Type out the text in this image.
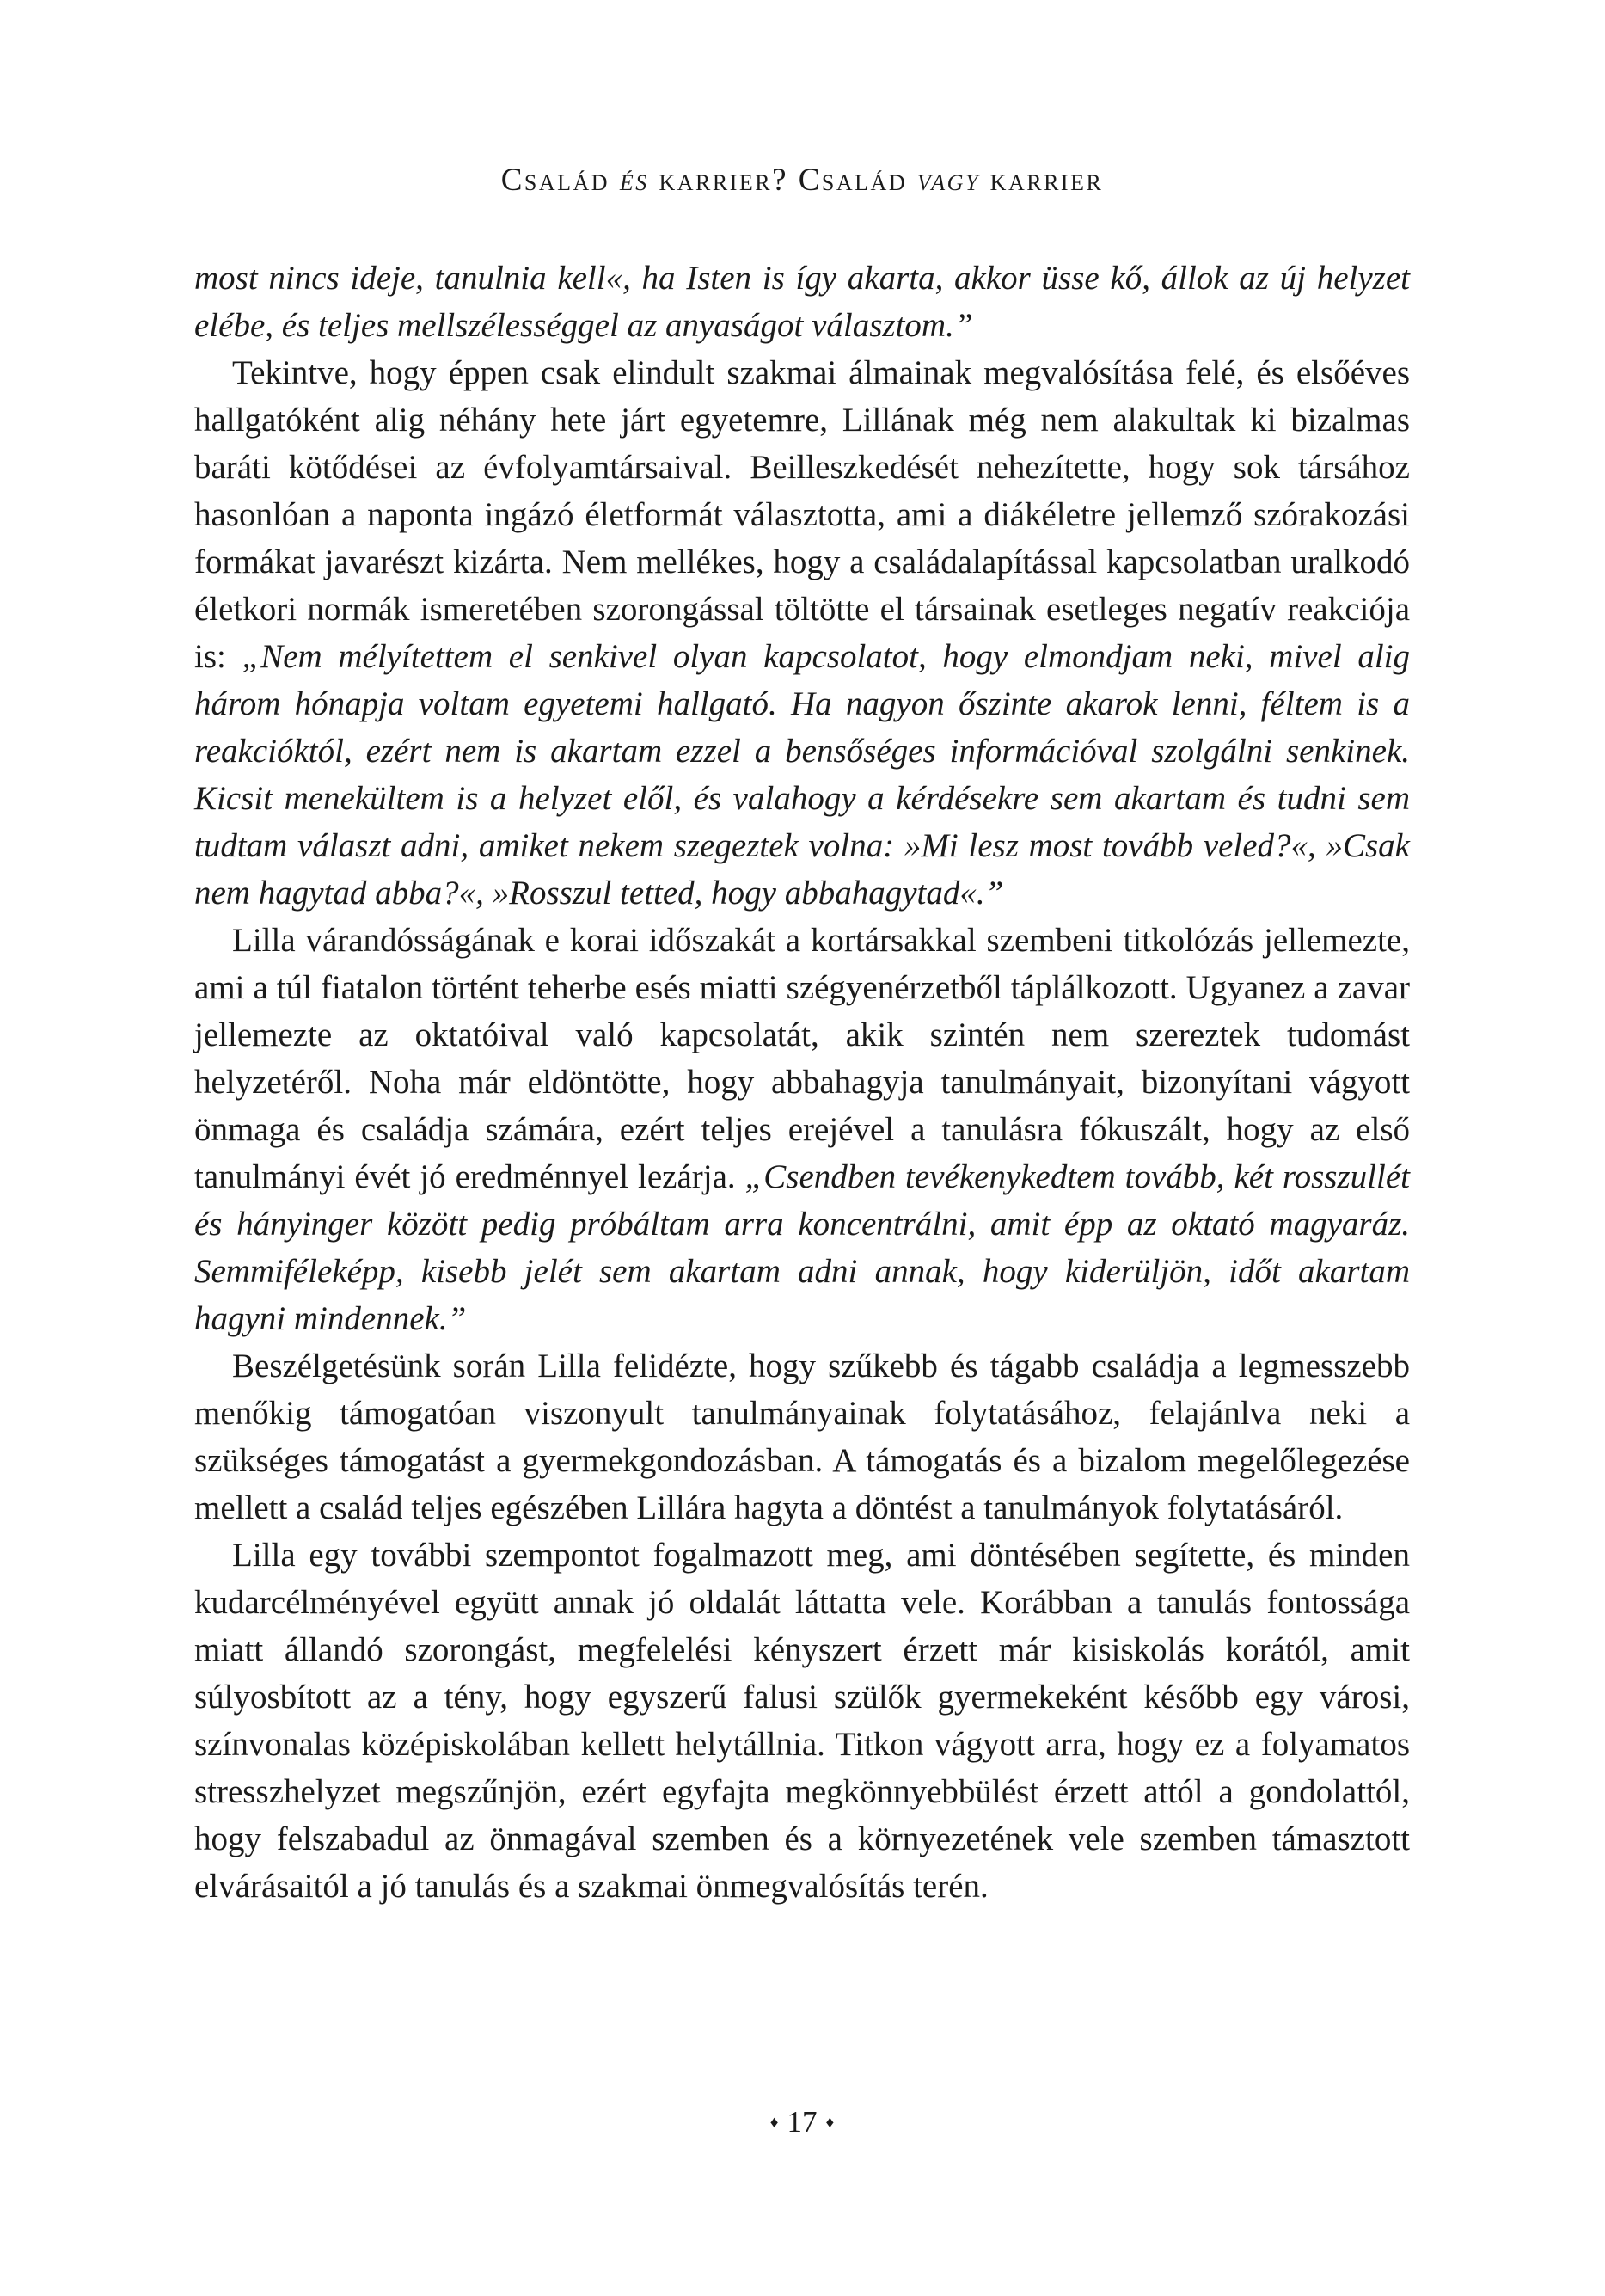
Család és karrier? Család vagy karrier

most nincs ideje, tanulnia kell«, ha Isten is így akarta, akkor üsse kő, állok az új helyzet elébe, és teljes mellszélességgel az anyaságot választom.”

Tekintve, hogy éppen csak elindult szakmai álmainak megvalósítása felé, és elsőéves hallgatóként alig néhány hete járt egyetemre, Lillának még nem alakultak ki bizalmas baráti kötődései az évfolyamtársaival. Beilleszkedését nehezítette, hogy sok társához hasonlóan a naponta ingázó életformát választotta, ami a diákéletre jellemző szórakozási formákat javarészt kizárta. Nem mellékes, hogy a családalapítással kapcsolatban uralkodó életkori normák ismeretében szorongással töltötte el társainak esetleges negatív reakciója is: „Nem mélyítettem el senkivel olyan kapcsolatot, hogy elmondjam neki, mivel alig három hónapja voltam egyetemi hallgató. Ha nagyon őszinte akarok lenni, féltem is a reakcióktól, ezért nem is akartam ezzel a bensőséges információval szolgálni senkinek. Kicsit menekültem is a helyzet elől, és valahogy a kérdésekre sem akartam és tudni sem tudtam választ adni, amiket nekem szegeztek volna: »Mi lesz most tovább veled?«, »Csak nem hagytad abba?«, »Rosszul tetted, hogy abbahagytad«.”

Lilla várandósságának e korai időszakát a kortársakkal szembeni titkolózás jellemezte, ami a túl fiatalon történt teherbe esés miatti szégyenérzetből táplálkozott. Ugyanez a zavar jellemezte az oktatóival való kapcsolatát, akik szintén nem szereztek tudomást helyzetéről. Noha már eldöntötte, hogy abbahagyja tanulmányait, bizonyítani vágyott önmaga és családja számára, ezért teljes erejével a tanulásra fókuszált, hogy az első tanulmányi évét jó eredménnyel lezárja. „Csendben tevékenykedtem tovább, két rosszullét és hányinger között pedig próbáltam arra koncentrálni, amit épp az oktató magyaráz. Semmiféleképp, kisebb jelét sem akartam adni annak, hogy kiderüljön, időt akartam hagyni mindennek.”

Beszélgetésünk során Lilla felidézte, hogy szűkebb és tágabb családja a legmesszebb menőkig támogatóan viszonyult tanulmányainak folytatásához, felajánlva neki a szükséges támogatást a gyermekgondozásban. A támogatás és a bizalom megelőlegezése mellett a család teljes egészében Lillára hagyta a döntést a tanulmányok folytatásáról.

Lilla egy további szempontot fogalmazott meg, ami döntésében segítette, és minden kudarcélményével együtt annak jó oldalát láttatta vele. Korábban a tanulás fontossága miatt állandó szorongást, megfelelési kényszert érzett már kisiskolás korától, amit súlyosbított az a tény, hogy egyszerű falusi szülők gyermekeként később egy városi, színvonalas középiskolában kellett helytállnia. Titkon vágyott arra, hogy ez a folyamatos stresszhelyzet megszűnjön, ezért egyfajta megkönnyebbülést érzett attól a gondolattól, hogy felszabadul az önmagával szemben és a környezetének vele szemben támasztott elvárásaitól a jó tanulás és a szakmai önmegvalósítás terén.

♦ 17 ♦
